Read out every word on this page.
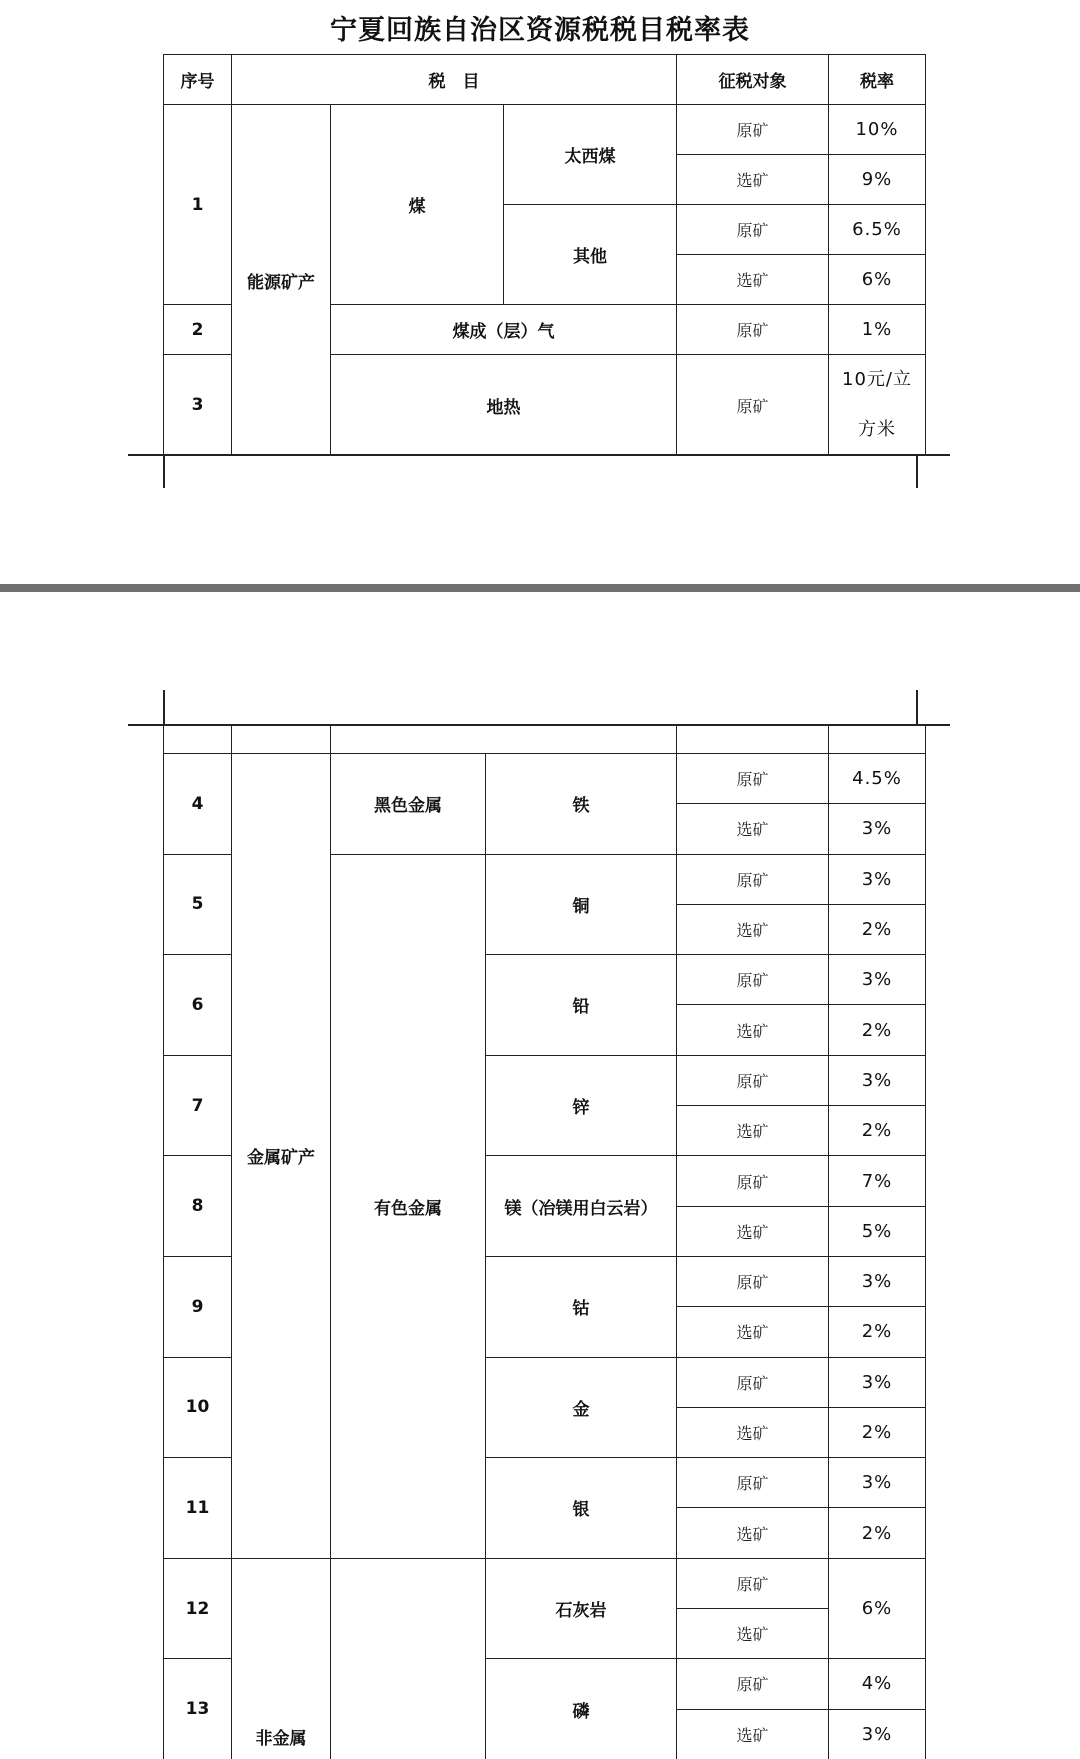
宁夏回族自治区资源税税目税率表
序号	税　目			征税对象	税率
1	能源矿产	煤	太西煤	原矿	10%
				选矿	9%
			其他	原矿	6.5%
				选矿	6%
2		煤成（层）气		原矿	1%
3		地热		原矿	10元/立
方米

4	金属矿产	黑色金属	铁	原矿	4.5%
				选矿	3%
5		有色金属	铜	原矿	3%
				选矿	2%
6			铅	原矿	3%
				选矿	2%
7			锌	原矿	3%
				选矿	2%
8			镁（冶镁用白云岩）	原矿	7%
				选矿	5%
9			钴	原矿	3%
				选矿	2%
10			金	原矿	3%
				选矿	2%
11			银	原矿	3%
				选矿	2%
12	非金属		石灰岩	原矿	6%
				选矿	
13			磷	原矿	4%
				选矿	3%
